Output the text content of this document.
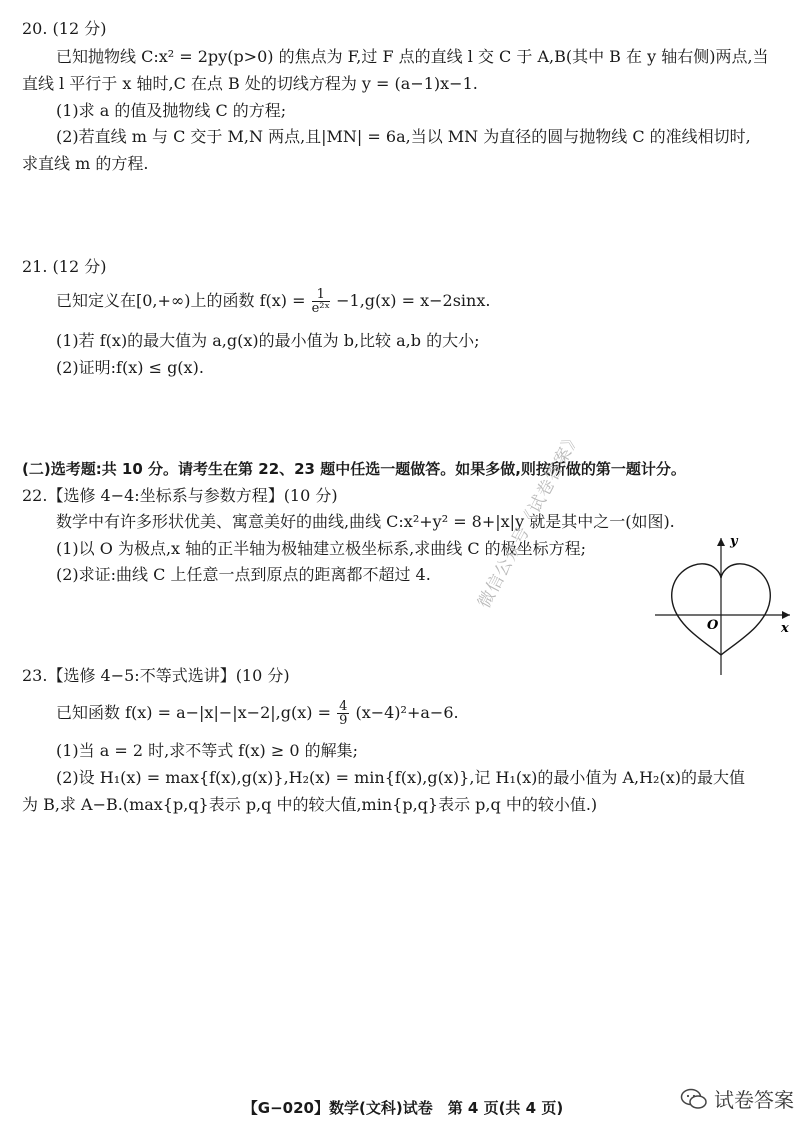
20. (12 分)
已知抛物线 C:x² = 2py(p>0) 的焦点为 F,过 F 点的直线 l 交 C 于 A,B(其中 B 在 y 轴右侧)两点,当
直线 l 平行于 x 轴时,C 在点 B 处的切线方程为 y = (a−1)x−1.
(1)求 a 的值及抛物线 C 的方程;
(2)若直线 m 与 C 交于 M,N 两点,且|MN| = 6a,当以 MN 为直径的圆与抛物线 C 的准线相切时,
求直线 m 的方程.
21. (12 分)
已知定义在[0,+∞)上的函数 $f(x) = \frac{1}{\text{e²ˣ}} -1,g(x) = x-2\sin x$.
(1)若 f(x)的最大值为 a,g(x)的最小值为 b,比较 a,b 的大小;
(2)证明:f(x) ≤ g(x).
(二)选考题:共 10 分。请考生在第 22、23 题中任选一题做答。如果多做,则按所做的第一题计分。
22.【选修 4−4:坐标系与参数方程】(10 分)
数学中有许多形状优美、寓意美好的曲线,曲线 C:x²+y² = 8+|x|y 就是其中之一(如图).
(1)以 O 为极点,x 轴的正半轴为极轴建立极坐标系,求曲线 C 的极坐标方程;
(2)求证:曲线 C 上任意一点到原点的距离都不超过 4.
y
x
O
微信公众号《试卷答案》
23.【选修 4−5:不等式选讲】(10 分)
已知函数 $f(x) = a-|x|-|x-2|,g(x) = \frac{4}{9} (x-4)^2+a-6$.
(1)当 a = 2 时,求不等式 f(x) ≥ 0 的解集;
(2)设 H₁(x) = max{f(x),g(x)},H₂(x) = min{f(x),g(x)},记 H₁(x)的最小值为 A,H₂(x)的最大值
为 B,求 A−B.(max{p,q}表示 p,q 中的较大值,min{p,q}表示 p,q 中的较小值.)
试卷答案
【G−020】数学(文科)试卷　第 4 页(共 4 页)
